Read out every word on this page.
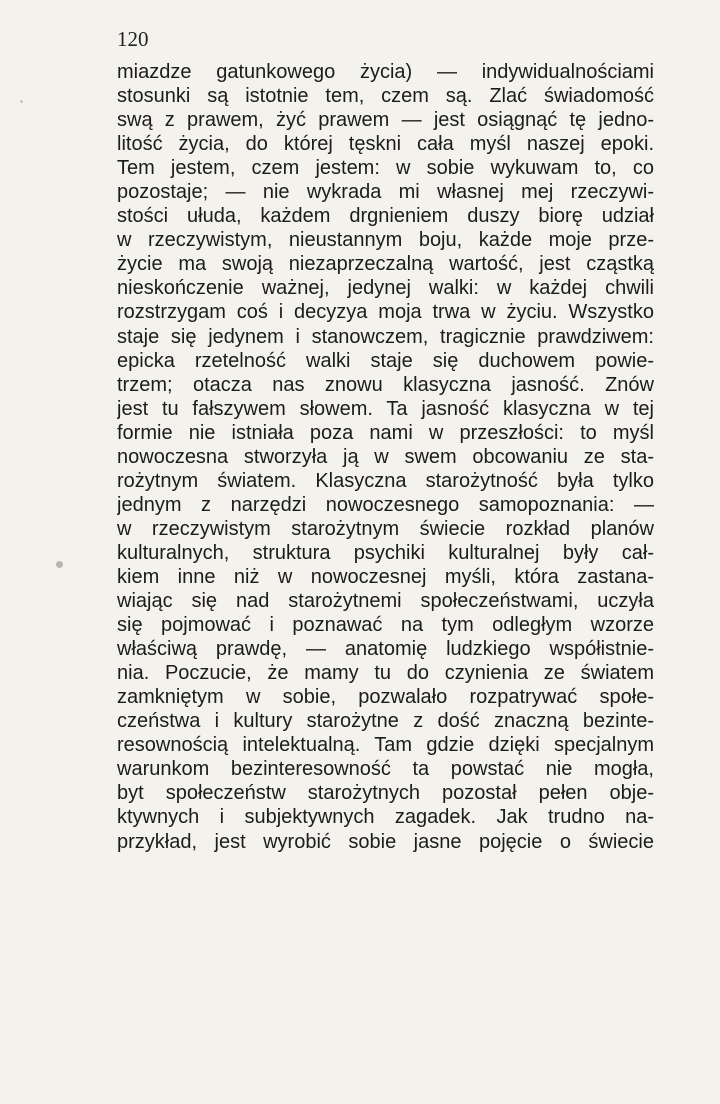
120
miazdze gatunkowego życia) — indywidualnościami
stosunki są istotnie tem, czem są. Zlać świadomość
swą z prawem, żyć prawem — jest osiągnąć tę jedno-
litość życia, do której tęskni cała myśl naszej epoki.
Tem jestem, czem jestem: w sobie wykuwam to, co
pozostaje; — nie wykrada mi własnej mej rzeczywi-
stości ułuda, każdem drgnieniem duszy biorę udział
w rzeczywistym, nieustannym boju, każde moje prze-
życie ma swoją niezaprzeczalną wartość, jest cząstką
nieskończenie ważnej, jedynej walki: w każdej chwili
rozstrzygam coś i decyzya moja trwa w życiu. Wszystko
staje się jedynem i stanowczem, tragicznie prawdziwem:
epicka rzetelność walki staje się duchowem powie-
trzem; otacza nas znowu klasyczna jasność. Znów
jest tu fałszywem słowem. Ta jasność klasyczna w tej
formie nie istniała poza nami w przeszłości: to myśl
nowoczesna stworzyła ją w swem obcowaniu ze sta-
rożytnym światem. Klasyczna starożytność była tylko
jednym z narzędzi nowoczesnego samopoznania: —
w rzeczywistym starożytnym świecie rozkład planów
kulturalnych, struktura psychiki kulturalnej były cał-
kiem inne niż w nowoczesnej myśli, która zastana-
wiając się nad starożytnemi społeczeństwami, uczyła
się pojmować i poznawać na tym odległym wzorze
właściwą prawdę, — anatomię ludzkiego współistnie-
nia. Poczucie, że mamy tu do czynienia ze światem
zamkniętym w sobie, pozwalało rozpatrywać społe-
czeństwa i kultury starożytne z dość znaczną bezinte-
resownością intelektualną. Tam gdzie dzięki specjalnym
warunkom bezinteresowność ta powstać nie mogła,
byt społeczeństw starożytnych pozostał pełen obje-
ktywnych i subjektywnych zagadek. Jak trudno na-
przykład, jest wyrobić sobie jasne pojęcie o świecie
